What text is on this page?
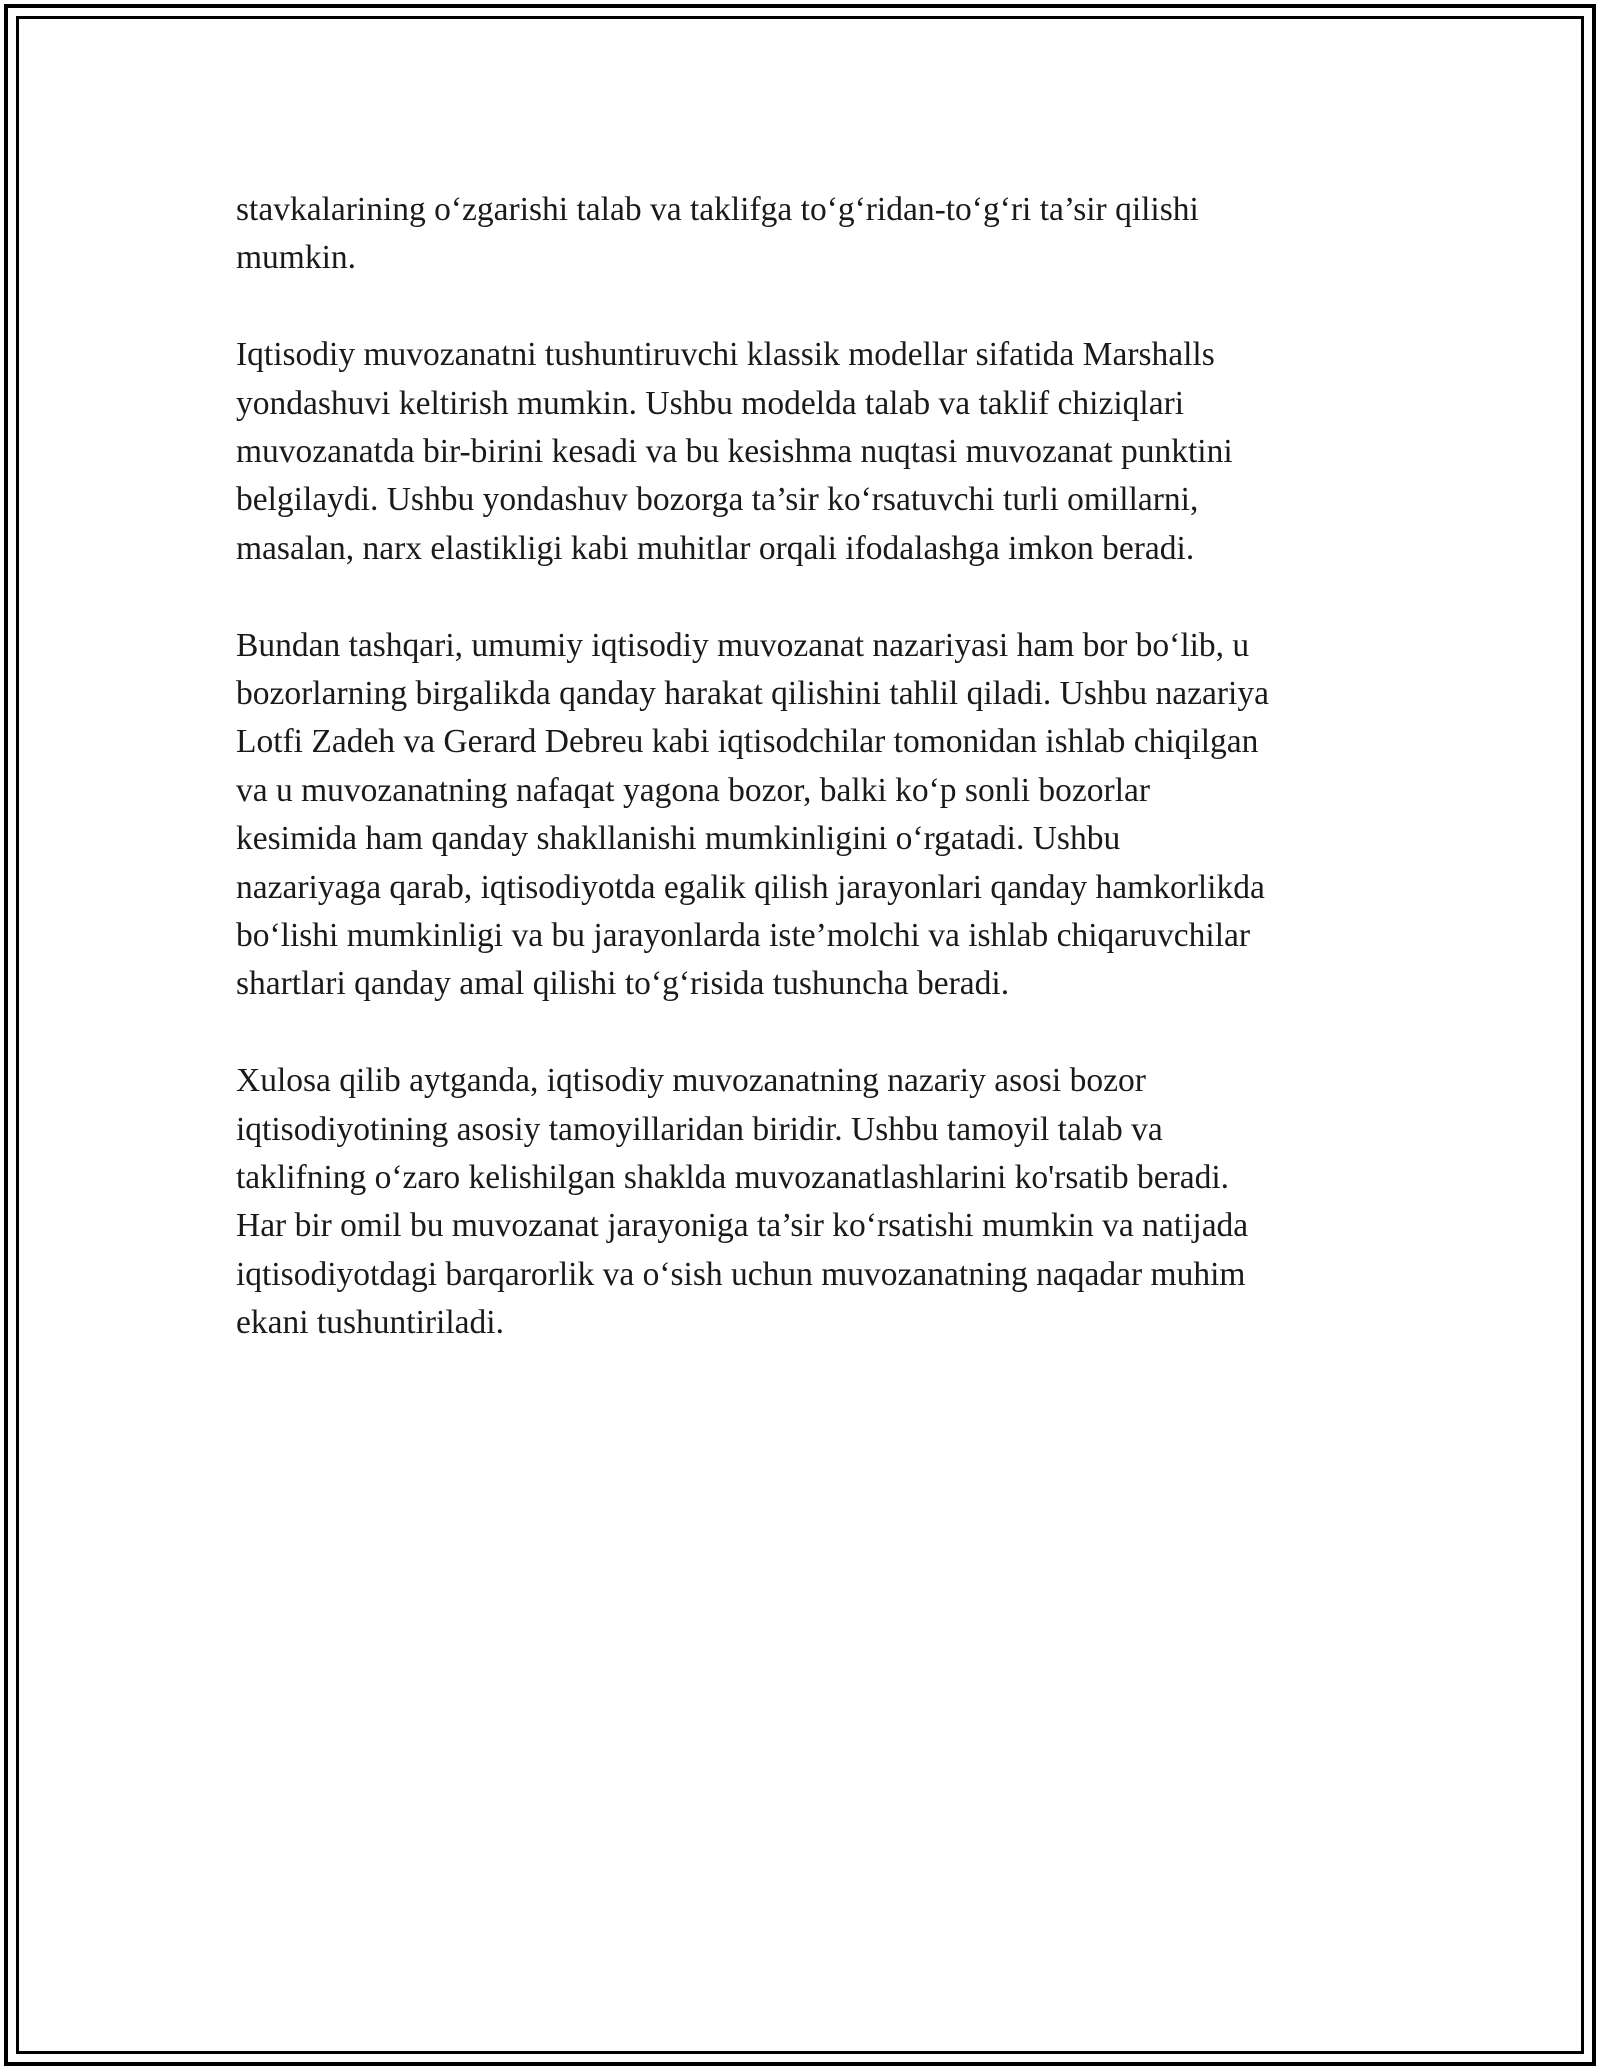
stavkalarining o‘zgarishi talab va taklifga to‘g‘ridan-to‘g‘ri ta’sir qilishi
mumkin.

Iqtisodiy muvozanatni tushuntiruvchi klassik modellar sifatida Marshalls
yondashuvi keltirish mumkin. Ushbu modelda talab va taklif chiziqlari
muvozanatda bir-birini kesadi va bu kesishma nuqtasi muvozanat punktini
belgilaydi. Ushbu yondashuv bozorga ta’sir ko‘rsatuvchi turli omillarni,
masalan, narx elastikligi kabi muhitlar orqali ifodalashga imkon beradi.

Bundan tashqari, umumiy iqtisodiy muvozanat nazariyasi ham bor bo‘lib, u
bozorlarning birgalikda qanday harakat qilishini tahlil qiladi. Ushbu nazariya
Lotfi Zadeh va Gerard Debreu kabi iqtisodchilar tomonidan ishlab chiqilgan
va u muvozanatning nafaqat yagona bozor, balki ko‘p sonli bozorlar
kesimida ham qanday shakllanishi mumkinligini o‘rgatadi. Ushbu
nazariyaga qarab, iqtisodiyotda egalik qilish jarayonlari qanday hamkorlikda
bo‘lishi mumkinligi va bu jarayonlarda iste’molchi va ishlab chiqaruvchilar
shartlari qanday amal qilishi to‘g‘risida tushuncha beradi.

Xulosa qilib aytganda, iqtisodiy muvozanatning nazariy asosi bozor
iqtisodiyotining asosiy tamoyillaridan biridir. Ushbu tamoyil talab va
taklifning o‘zaro kelishilgan shaklda muvozanatlashlarini ko'rsatib beradi.
Har bir omil bu muvozanat jarayoniga ta’sir ko‘rsatishi mumkin va natijada
iqtisodiyotdagi barqarorlik va o‘sish uchun muvozanatning naqadar muhim
ekani tushuntiriladi.
